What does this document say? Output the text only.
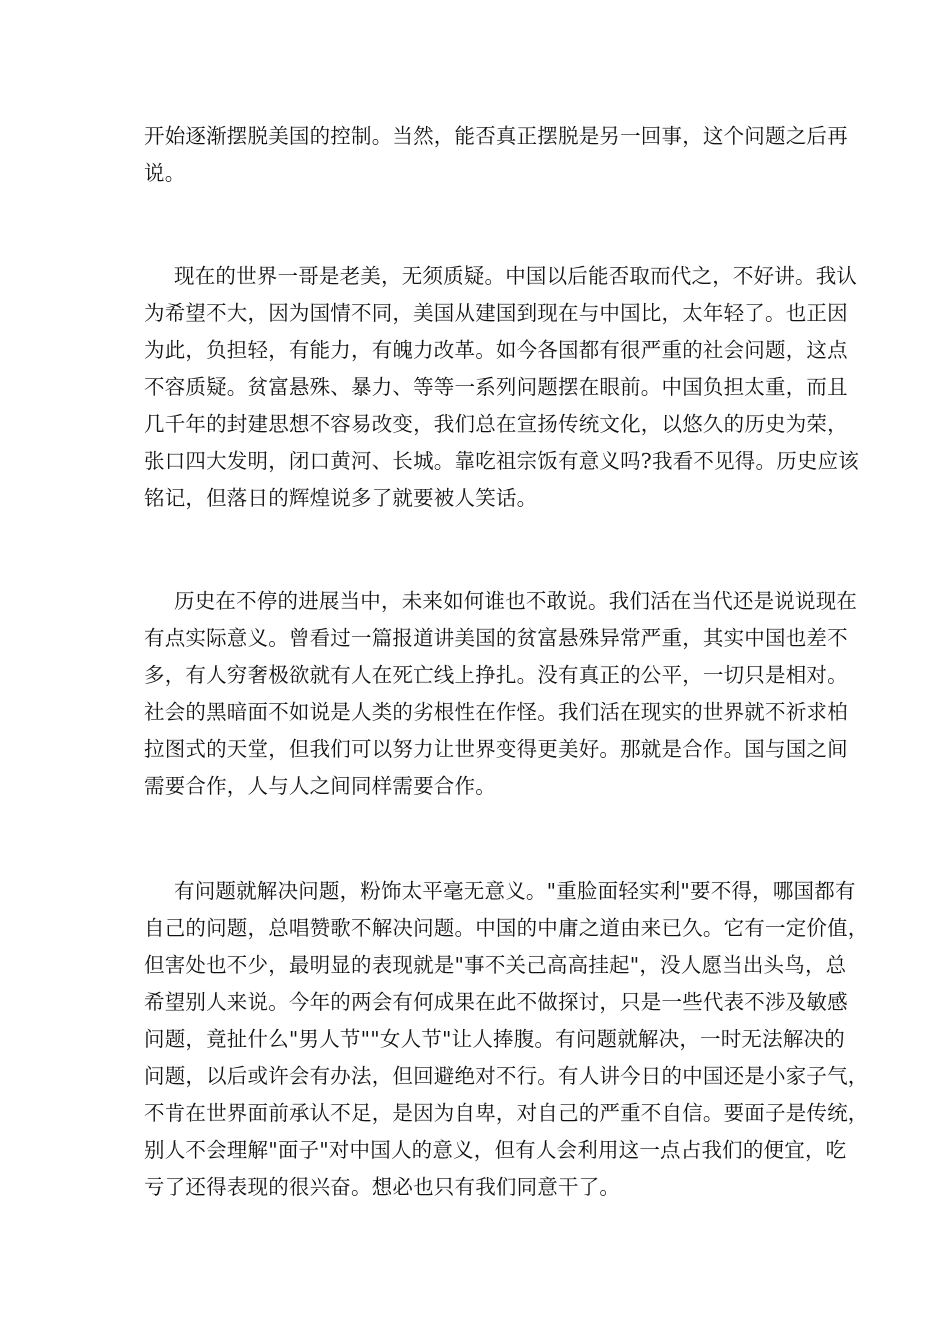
开始逐渐摆脱美国的控制。当然，能否真正摆脱是另一回事，这个问题之后再
说。

现在的世界一哥是老美，无须质疑。中国以后能否取而代之，不好讲。我认
为希望不大，因为国情不同，美国从建国到现在与中国比，太年轻了。也正因
为此，负担轻，有能力，有魄力改革。如今各国都有很严重的社会问题，这点
不容质疑。贫富悬殊、暴力、等等一系列问题摆在眼前。中国负担太重，而且
几千年的封建思想不容易改变，我们总在宣扬传统文化，以悠久的历史为荣，
张口四大发明，闭口黄河、长城。靠吃祖宗饭有意义吗?我看不见得。历史应该
铭记，但落日的辉煌说多了就要被人笑话。

历史在不停的进展当中，未来如何谁也不敢说。我们活在当代还是说说现在
有点实际意义。曾看过一篇报道讲美国的贫富悬殊异常严重，其实中国也差不
多，有人穷奢极欲就有人在死亡线上挣扎。没有真正的公平，一切只是相对。
社会的黑暗面不如说是人类的劣根性在作怪。我们活在现实的世界就不祈求柏
拉图式的天堂，但我们可以努力让世界变得更美好。那就是合作。国与国之间
需要合作，人与人之间同样需要合作。

有问题就解决问题，粉饰太平毫无意义。"重脸面轻实利"要不得，哪国都有
自己的问题，总唱赞歌不解决问题。中国的中庸之道由来已久。它有一定价值，
但害处也不少，最明显的表现就是"事不关己高高挂起"，没人愿当出头鸟，总
希望别人来说。今年的两会有何成果在此不做探讨，只是一些代表不涉及敏感
问题，竟扯什么"男人节""女人节"让人捧腹。有问题就解决，一时无法解决的
问题，以后或许会有办法，但回避绝对不行。有人讲今日的中国还是小家子气，
不肯在世界面前承认不足，是因为自卑，对自己的严重不自信。要面子是传统，
别人不会理解"面子"对中国人的意义，但有人会利用这一点占我们的便宜，吃
亏了还得表现的很兴奋。想必也只有我们同意干了。
